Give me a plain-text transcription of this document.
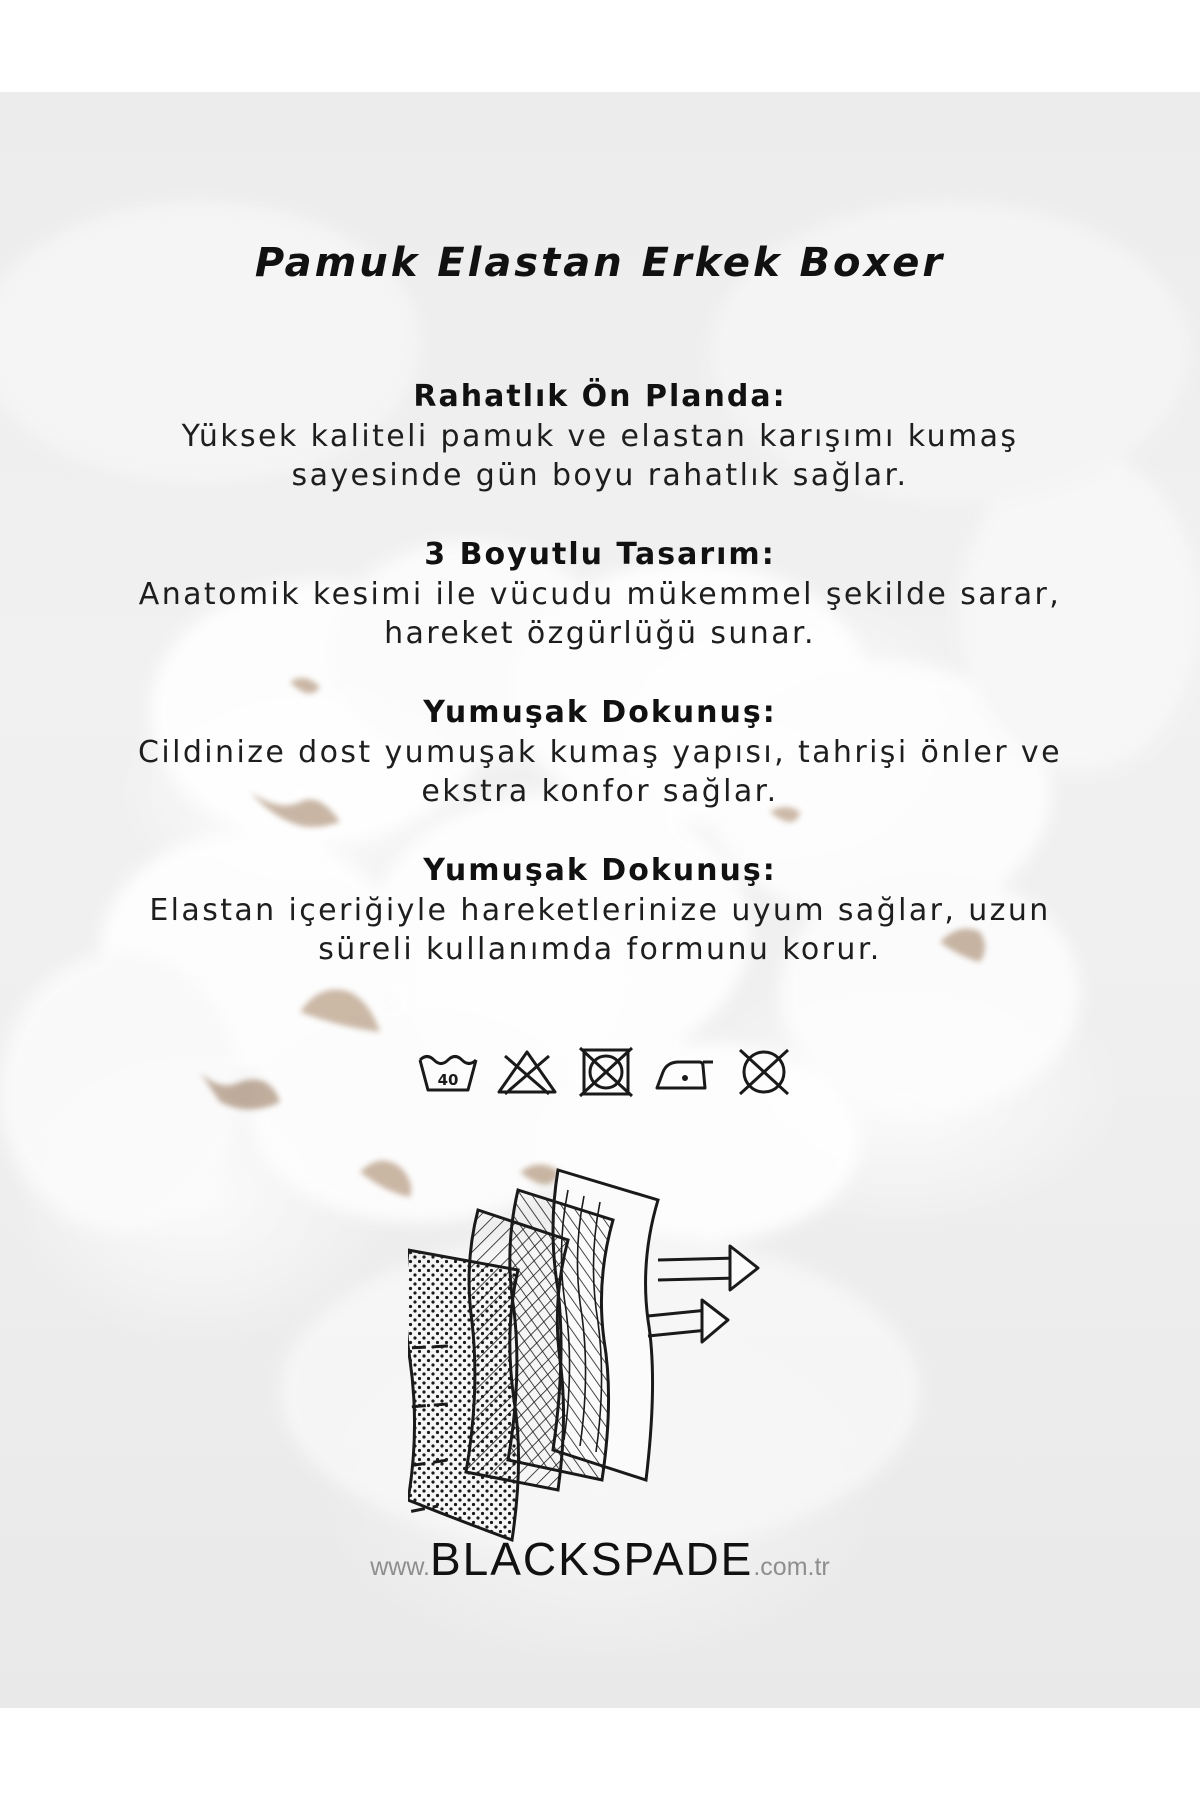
Pamuk Elastan Erkek Boxer
Rahatlık Ön Planda:
Yüksek kaliteli pamuk ve elastan karışımı kumaş
sayesinde gün boyu rahatlık sağlar.
3 Boyutlu Tasarım:
Anatomik kesimi ile vücudu mükemmel şekilde sarar,
hareket özgürlüğü sunar.
Yumuşak Dokunuş:
Cildinize dost yumuşak kumaş yapısı, tahrişi önler ve
ekstra konfor sağlar.
Yumuşak Dokunuş:
Elastan içeriğiyle hareketlerinize uyum sağlar, uzun
süreli kullanımda formunu korur.
40
www.BLACKSPADE.com.tr
